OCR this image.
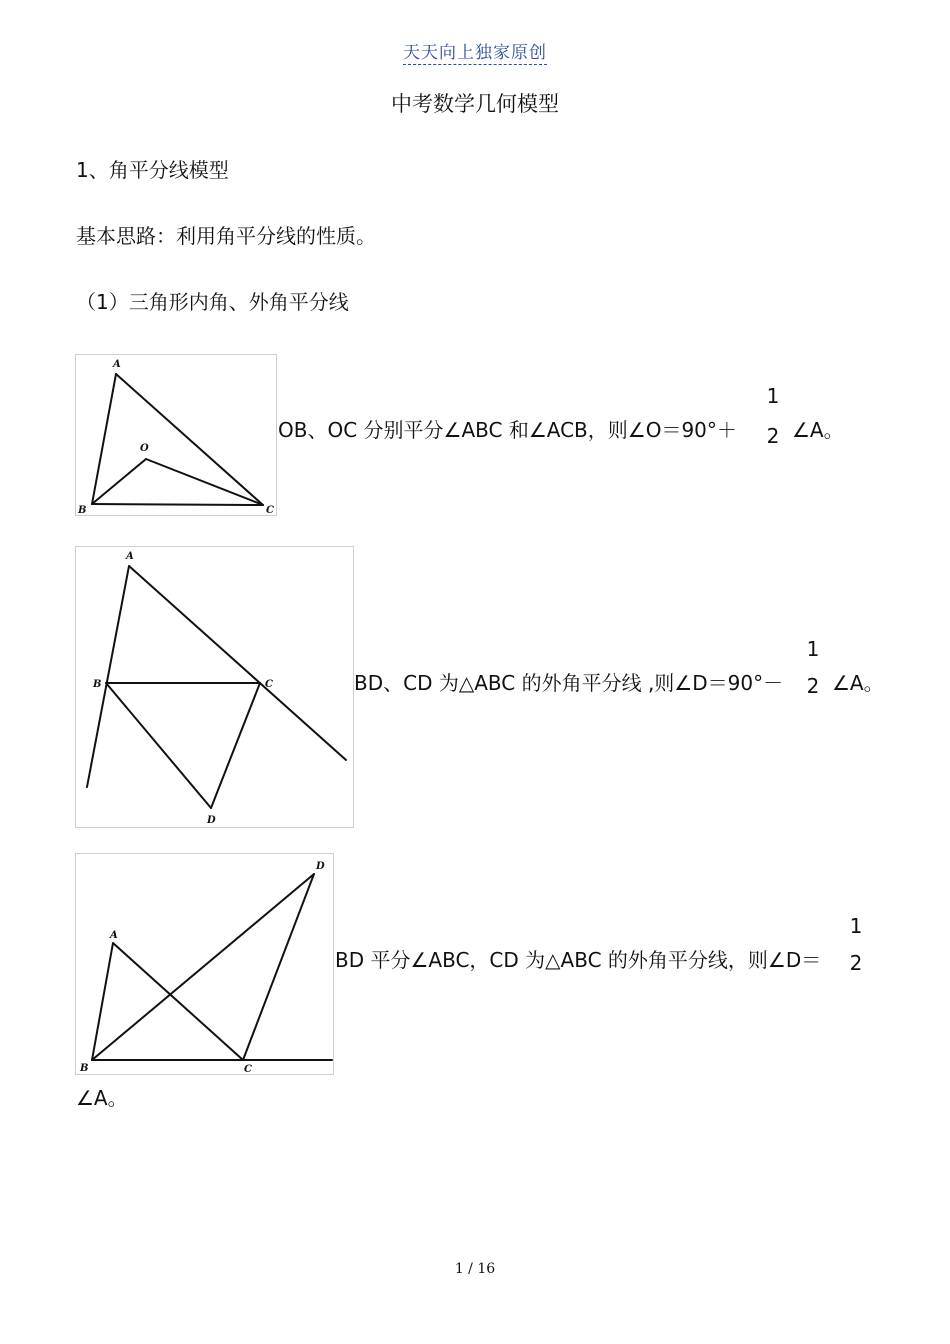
天天向上独家原创
中考数学几何模型
1、角平分线模型
基本思路：利用角平分线的性质。
（1）三角形内角、外角平分线
A
O
B	C
OB、OC 分别平分∠ABC 和∠ACB，则∠O＝90°＋
1
2 ∠A。
A
B	C
D
BD、CD 为△ABC 的外角平分线 ,则∠D＝90°－
1
2 ∠A。
A
D
B	C
BD 平分∠ABC，CD 为△ABC 的外角平分线，则∠D＝
1
2
∠A。
1 / 16
